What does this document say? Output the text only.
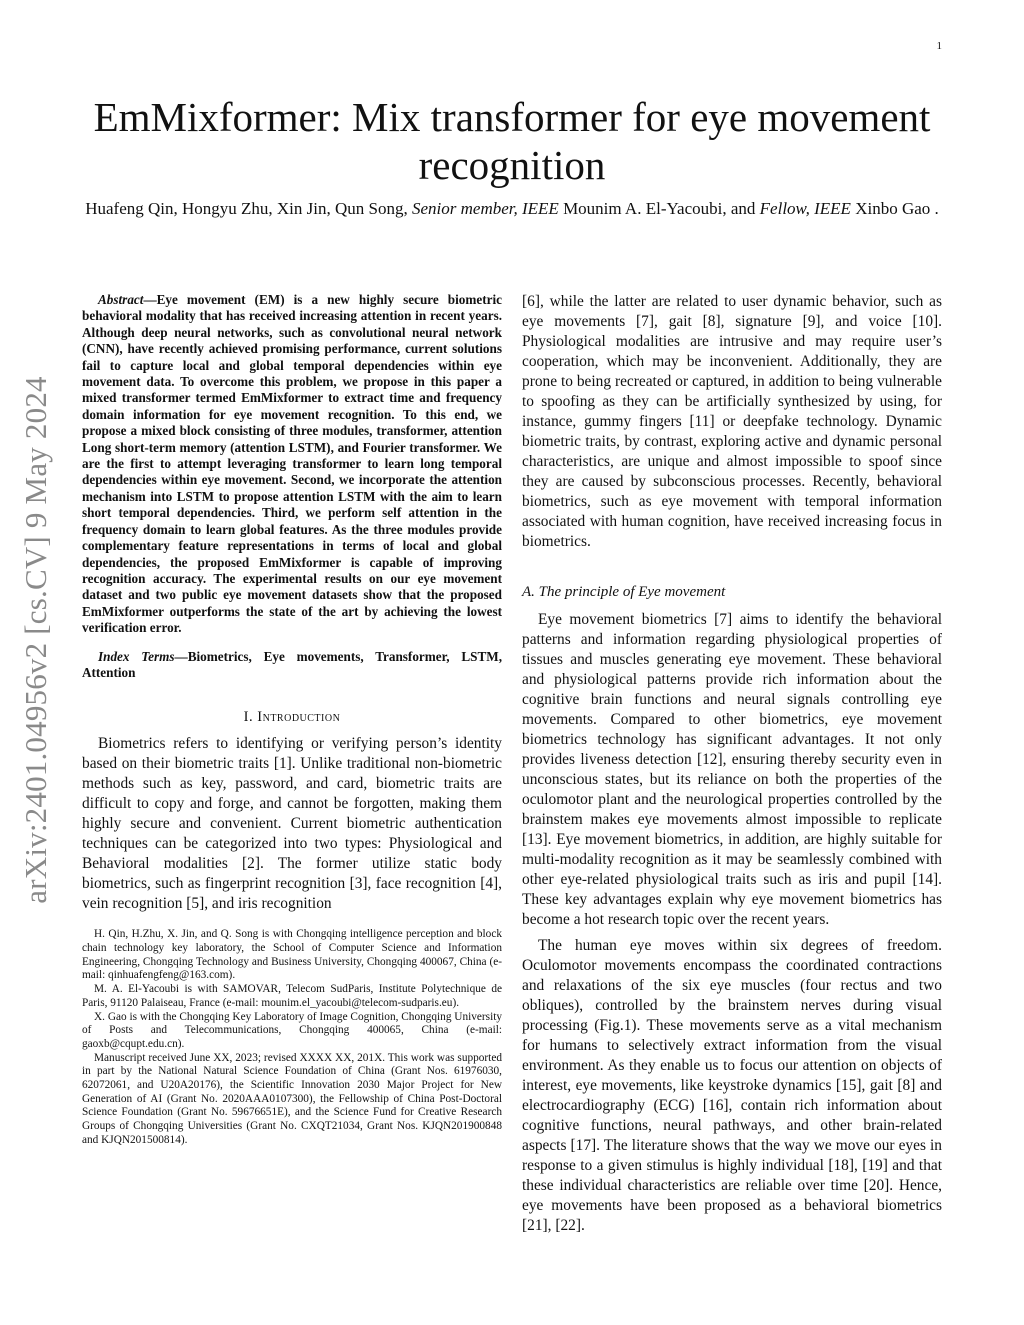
1
arXiv:2401.04956v2 [cs.CV] 9 May 2024
EmMixformer: Mix transformer for eye movement recognition
Huafeng Qin, Hongyu Zhu, Xin Jin, Qun Song, Senior member, IEEE Mounim A. El-Yacoubi, and Fellow, IEEE Xinbo Gao .

Abstract—Eye movement (EM) is a new highly secure biometric behavioral modality that has received increasing attention in recent years. Although deep neural networks, such as convolutional neural network (CNN), have recently achieved promising performance, current solutions fail to capture local and global temporal dependencies within eye movement data. To overcome this problem, we propose in this paper a mixed transformer termed EmMixformer to extract time and frequency domain information for eye movement recognition. To this end, we propose a mixed block consisting of three modules, transformer, attention Long short-term memory (attention LSTM), and Fourier transformer. We are the first to attempt leveraging transformer to learn long temporal dependencies within eye movement. Second, we incorporate the attention mechanism into LSTM to propose attention LSTM with the aim to learn short temporal dependencies. Third, we perform self attention in the frequency domain to learn global features. As the three modules provide complementary feature representations in terms of local and global dependencies, the proposed EmMixformer is capable of improving recognition accuracy. The experimental results on our eye movement dataset and two public eye movement datasets show that the proposed EmMixformer outperforms the state of the art by achieving the lowest verification error.

Index Terms—Biometrics, Eye movements, Transformer, LSTM, Attention

I. Introduction

Biometrics refers to identifying or verifying person’s identity based on their biometric traits [1]. Unlike traditional non-biometric methods such as key, password, and card, biometric traits are difficult to copy and forge, and cannot be forgotten, making them highly secure and convenient. Current biometric authentication techniques can be categorized into two types: Physiological and Behavioral modalities [2]. The former utilize static body biometrics, such as fingerprint recognition [3], face recognition [4], vein recognition [5], and iris recognition

H. Qin, H.Zhu, X. Jin, and Q. Song is with Chongqing intelligence perception and block chain technology key laboratory, the School of Computer Science and Information Engineering, Chongqing Technology and Business University, Chongqing 400067, China (e-mail: qinhuafengfeng@163.com).

M. A. El-Yacoubi is with SAMOVAR, Telecom SudParis, Institute Polytechnique de Paris, 91120 Palaiseau, France (e-mail: mounim.el_yacoubi@telecom-sudparis.eu).

X. Gao is with the Chongqing Key Laboratory of Image Cognition, Chongqing University of Posts and Telecommunications, Chongqing 400065, China (e-mail: gaoxb@cqupt.edu.cn).

Manuscript received June XX, 2023; revised XXXX XX, 201X. This work was supported in part by the National Natural Science Foundation of China (Grant Nos. 61976030, 62072061, and U20A20176), the Scientific Innovation 2030 Major Project for New Generation of AI (Grant No. 2020AAA0107300), the Fellowship of China Post-Doctoral Science Foundation (Grant No. 59676651E), and the Science Fund for Creative Research Groups of Chongqing Universities (Grant No. CXQT21034, Grant Nos. KJQN201900848 and KJQN201500814).

[6], while the latter are related to user dynamic behavior, such as eye movements [7], gait [8], signature [9], and voice [10]. Physiological modalities are intrusive and may require user’s cooperation, which may be inconvenient. Additionally, they are prone to being recreated or captured, in addition to being vulnerable to spoofing as they can be artificially synthesized by using, for instance, gummy fingers [11] or deepfake technology. Dynamic biometric traits, by contrast, exploring active and dynamic personal characteristics, are unique and almost impossible to spoof since they are caused by subconscious processes. Recently, behavioral biometrics, such as eye movement with temporal information associated with human cognition, have received increasing focus in biometrics.

A. The principle of Eye movement

Eye movement biometrics [7] aims to identify the behavioral patterns and information regarding physiological properties of tissues and muscles generating eye movement. These behavioral and physiological patterns provide rich information about the cognitive brain functions and neural signals controlling eye movements. Compared to other biometrics, eye movement biometrics technology has significant advantages. It not only provides liveness detection [12], ensuring thereby security even in unconscious states, but its reliance on both the properties of the oculomotor plant and the neurological properties controlled by the brainstem makes eye movements almost impossible to replicate [13]. Eye movement biometrics, in addition, are highly suitable for multi-modality recognition as it may be seamlessly combined with other eye-related physiological traits such as iris and pupil [14]. These key advantages explain why eye movement biometrics has become a hot research topic over the recent years.

The human eye moves within six degrees of freedom. Oculomotor movements encompass the coordinated contractions and relaxations of the six eye muscles (four rectus and two obliques), controlled by the brainstem nerves during visual processing (Fig.1). These movements serve as a vital mechanism for humans to selectively extract information from the visual environment. As they enable us to focus our attention on objects of interest, eye movements, like keystroke dynamics [15], gait [8] and electrocardiography (ECG) [16], contain rich information about cognitive functions, neural pathways, and other brain-related aspects [17]. The literature shows that the way we move our eyes in response to a given stimulus is highly individual [18], [19] and that these individual characteristics are reliable over time [20]. Hence, eye movements have been proposed as a behavioral biometrics [21], [22].
